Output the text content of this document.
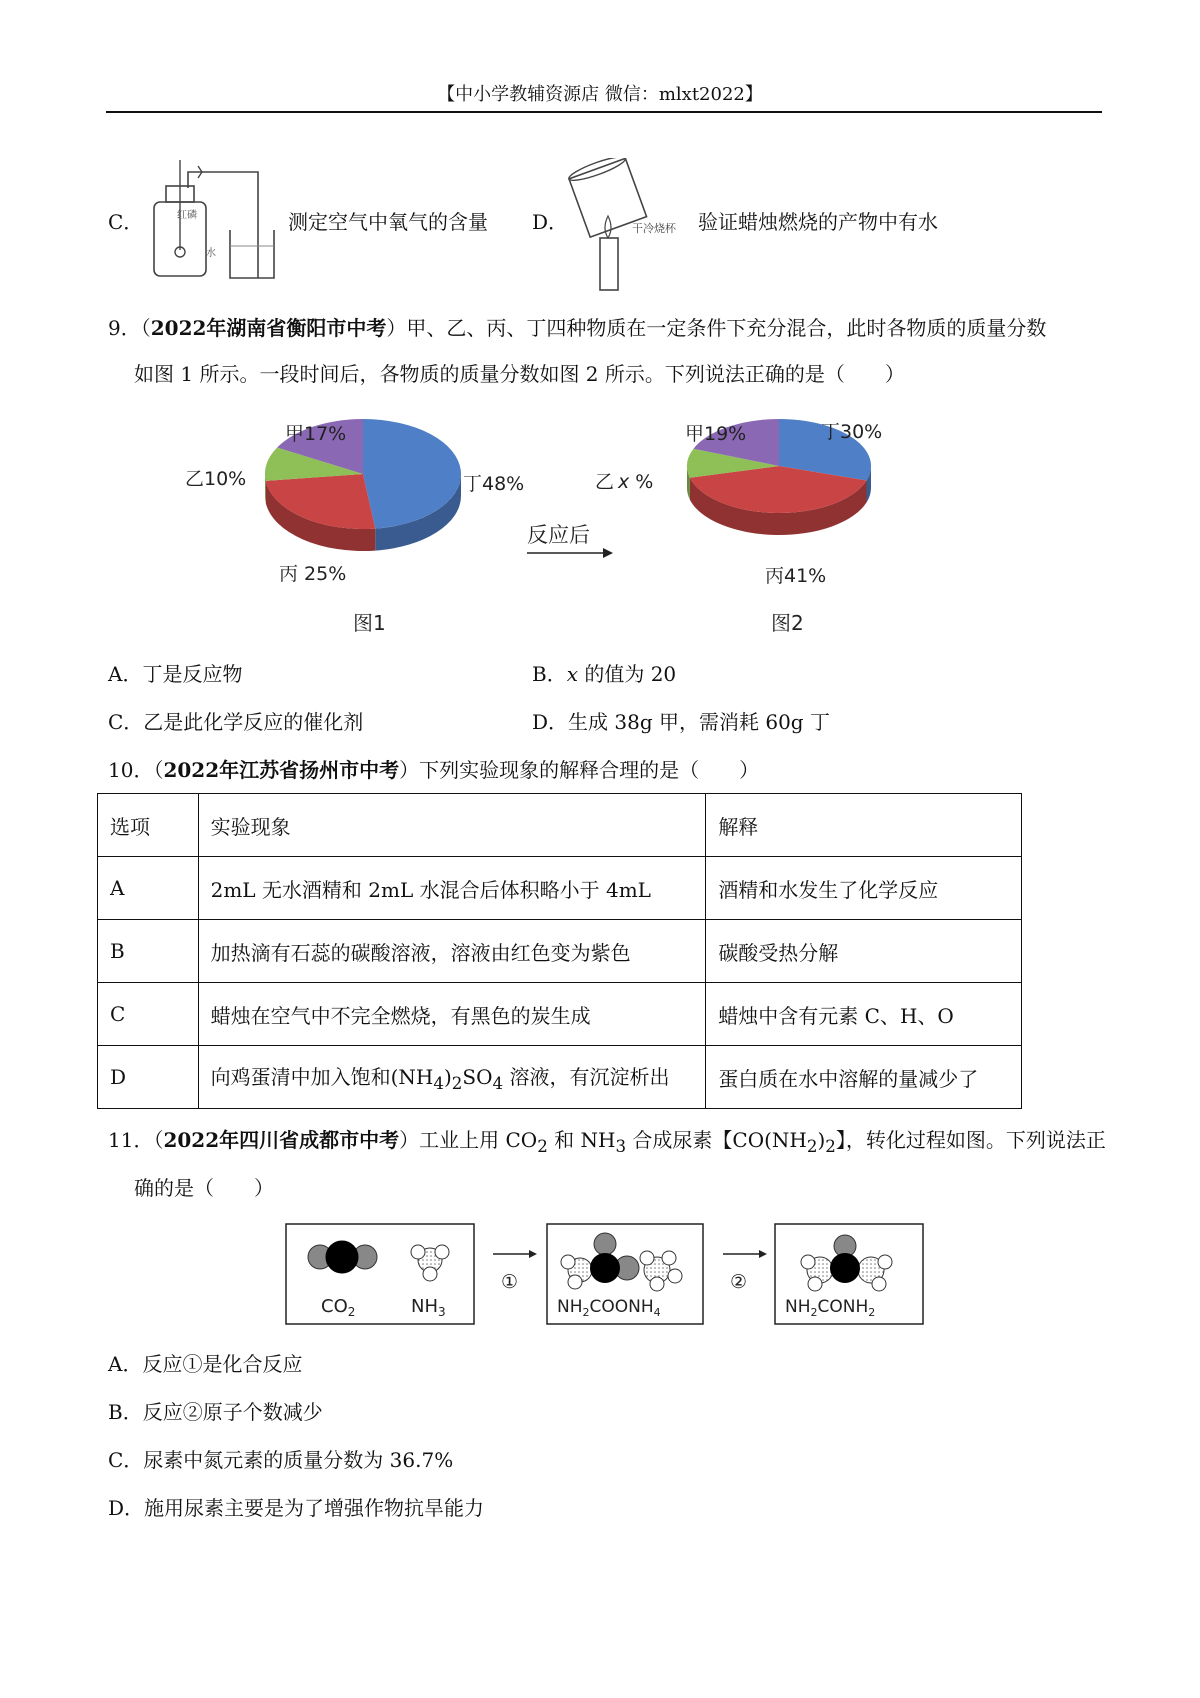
【中小学教辅资源店 微信：mlxt2022】
C．	红磷
水
测定空气中氧气的含量 D．	干冷烧杯 验证蜡烛燃烧的产物中有水
9．（2022年湖南省衡阳市中考）甲、乙、丙、丁四种物质在一定条件下充分混合，此时各物质的质量分数
如图 1 所示。一段时间后，各物质的质量分数如图 2 所示。下列说法正确的是（　　）
甲17%
乙10%	丁48%
丙 25%
图1
反应后
甲19%	丁30%
乙 x %
丙41%
图2
A．丁是反应物	B．x 的值为 20
C．乙是此化学反应的催化剂	D．生成 38g 甲，需消耗 60g 丁
10．（2022年江苏省扬州市中考）下列实验现象的解释合理的是（　　）
选项	实验现象	解释
A	2mL 无水酒精和 2mL 水混合后体积略小于 4mL	酒精和水发生了化学反应
B	加热滴有石蕊的碳酸溶液，溶液由红色变为紫色	碳酸受热分解
C	蜡烛在空气中不完全燃烧，有黑色的炭生成	蜡烛中含有元素 C、H、O
D	向鸡蛋清中加入饱和$(NH_4)_2SO_4$ 溶液，有沉淀析出	蛋白质在水中溶解的量减少了
11．（2022年四川省成都市中考）工业上用 $CO_2$ 和 $NH_3$ 合成尿素【$CO(NH_2)_2$】，转化过程如图。下列说法正
确的是（　　）
$CO_2$	$NH_3$
①
$NH_2COONH_4$
②
$NH_2CONH_2$
A．反应①是化合反应
B．反应②原子个数减少
C．尿素中氮元素的质量分数为 36.7%
D．施用尿素主要是为了增强作物抗旱能力
